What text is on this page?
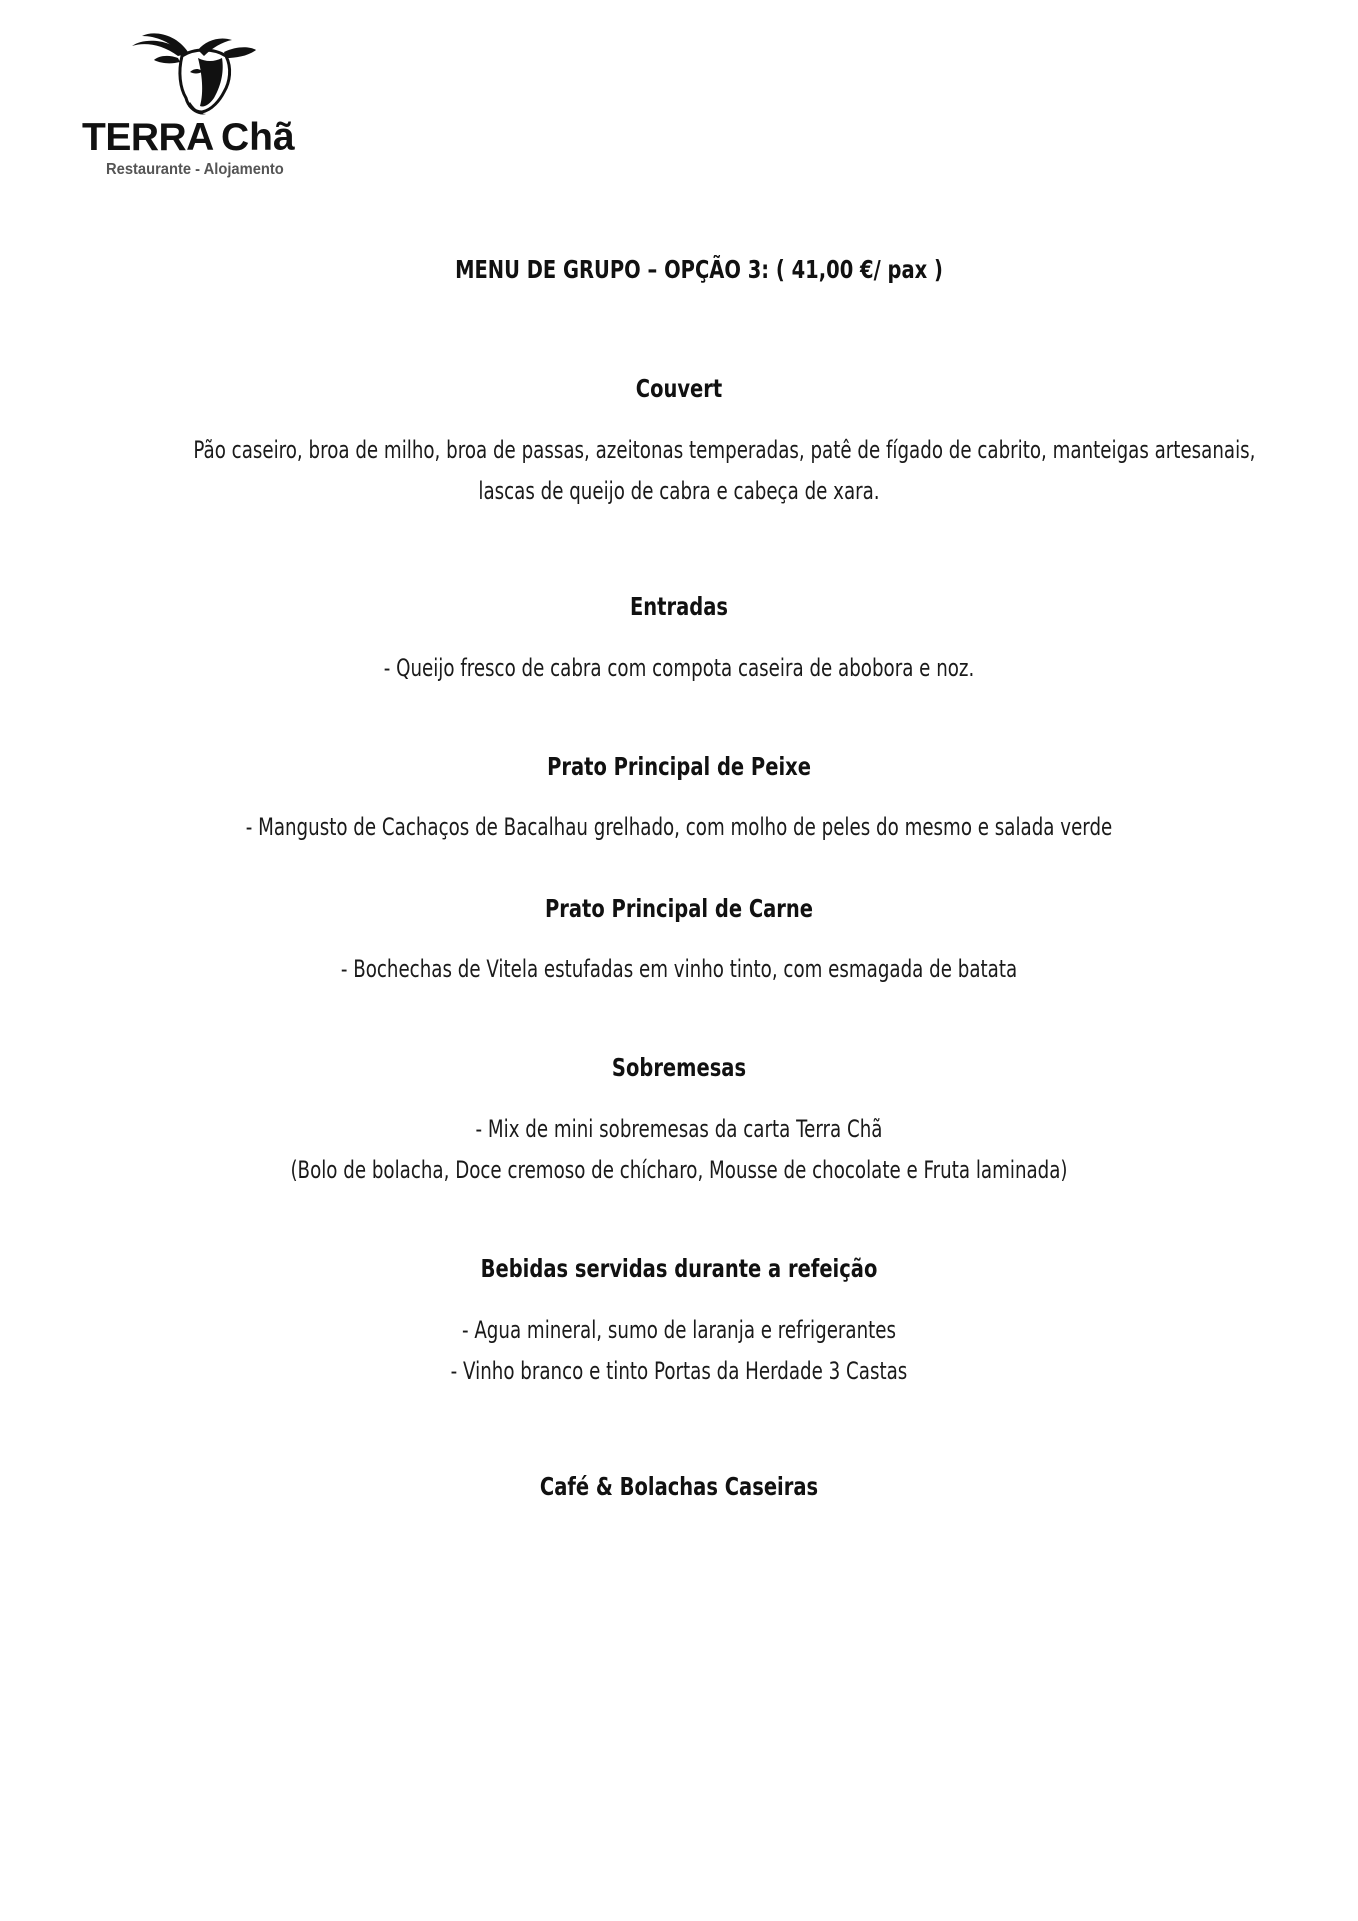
TERRA Chã
Restaurante - Alojamento
MENU DE GRUPO – OPÇÃO 3: ( 41,00 €/ pax )
Couvert
Pão caseiro, broa de milho, broa de passas, azeitonas temperadas, patê de fígado de cabrito, manteigas artesanais,
lascas de queijo de cabra e cabeça de xara.
Entradas
- Queijo fresco de cabra com compota caseira de abobora e noz.
Prato Principal de Peixe
- Mangusto de Cachaços de Bacalhau grelhado, com molho de peles do mesmo e salada verde
Prato Principal de Carne
- Bochechas de Vitela estufadas em vinho tinto, com esmagada de batata
Sobremesas
- Mix de mini sobremesas da carta Terra Chã
(Bolo de bolacha, Doce cremoso de chícharo, Mousse de chocolate e Fruta laminada)
Bebidas servidas durante a refeição
- Agua mineral, sumo de laranja e refrigerantes
- Vinho branco e tinto Portas da Herdade 3 Castas
Café & Bolachas Caseiras
